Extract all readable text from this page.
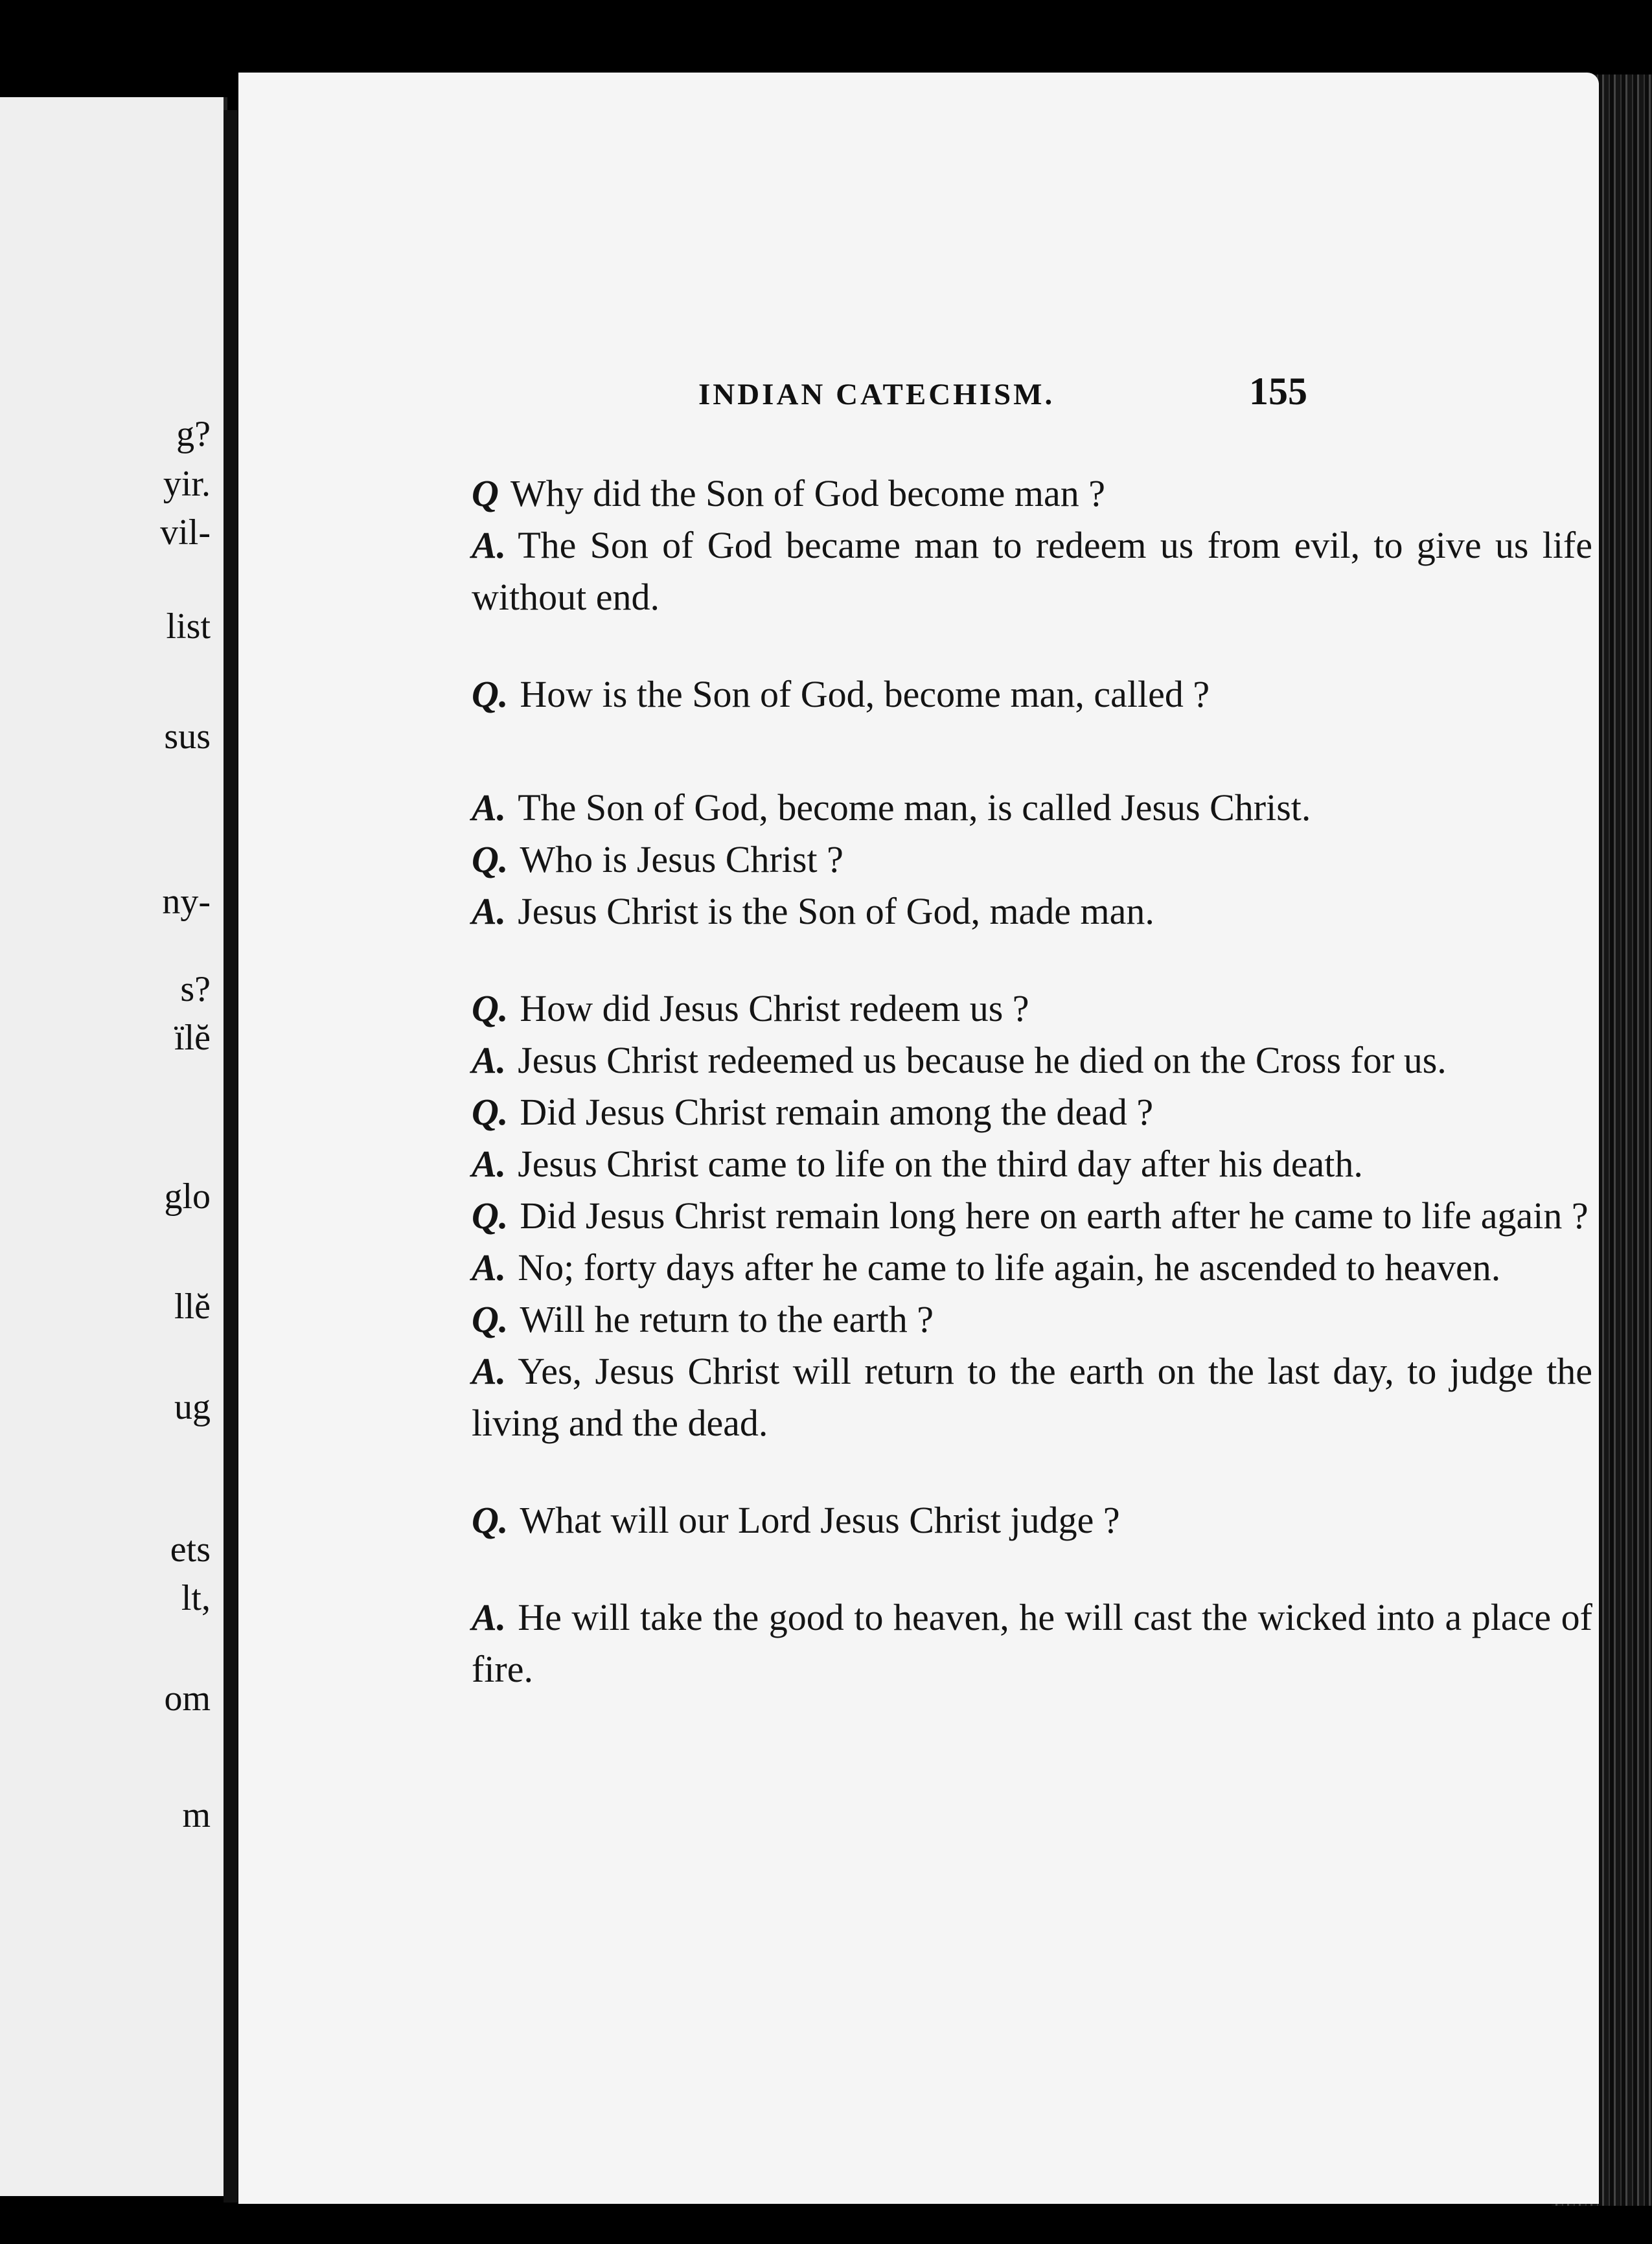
g?
yir.
vil-
list
sus
ny-
s?
ïlĕ
glo
llĕ
ug
ets
lt,
om
m
INDIAN CATECHISM.	155

Q Why did the Son of God become man ?

A. The Son of God became man to redeem us from evil, to give us life without end.

Q. How is the Son of God, become man, called ?

A. The Son of God, become man, is called Jesus Christ.

Q. Who is Jesus Christ ?

A. Jesus Christ is the Son of God, made man.

Q. How did Jesus Christ redeem us ?

A. Jesus Christ redeemed us because he died on the Cross for us.

Q. Did Jesus Christ remain among the dead ?

A. Jesus Christ came to life on the third day after his death.

Q. Did Jesus Christ remain long here on earth after he came to life again ?

A. No; forty days after he came to life again, he ascended to heaven.

Q. Will he return to the earth ?

A. Yes, Jesus Christ will return to the earth on the last day, to judge the living and the dead.

Q. What will our Lord Jesus Christ judge ?

A. He will take the good to heaven, he will cast the wicked into a place of fire.
